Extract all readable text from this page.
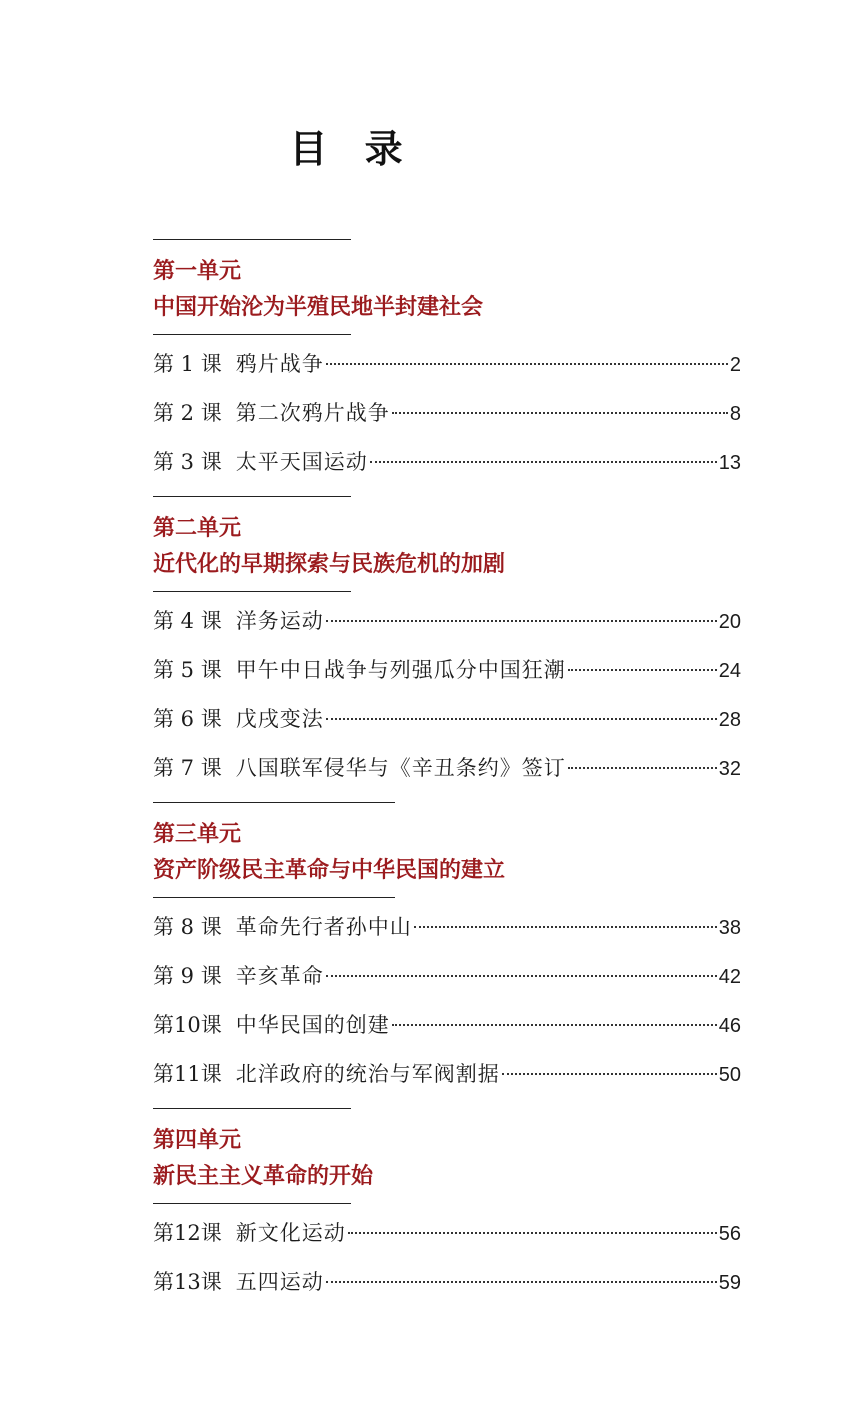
目 录
第一单元
中国开始沦为半殖民地半封建社会
第 1 课 鸦片战争	2
第 2 课 第二次鸦片战争	8
第 3 课 太平天国运动	13
第二单元
近代化的早期探索与民族危机的加剧
第 4 课 洋务运动	20
第 5 课 甲午中日战争与列强瓜分中国狂潮	24
第 6 课 戊戌变法	28
第 7 课 八国联军侵华与《辛丑条约》签订	32
第三单元
资产阶级民主革命与中华民国的建立
第 8 课 革命先行者孙中山	38
第 9 课 辛亥革命	42
第10课 中华民国的创建	46
第11课 北洋政府的统治与军阀割据	50
第四单元
新民主主义革命的开始
第12课 新文化运动	56
第13课 五四运动	59
